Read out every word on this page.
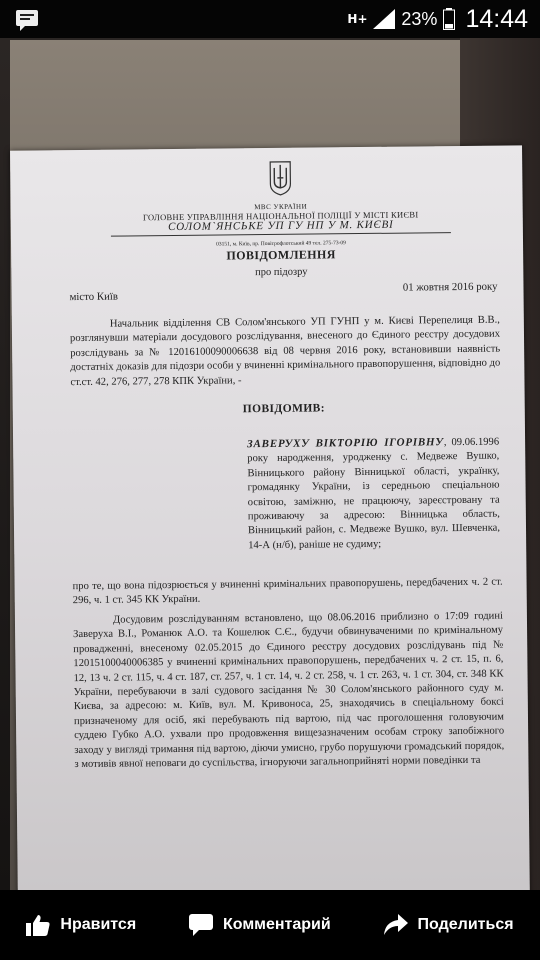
H+ 23% 14:44
МВС УКРАЇНИ
ГОЛОВНЕ УПРАВЛІННЯ НАЦІОНАЛЬНОЇ ПОЛІЦІЇ У МІСТІ КИЄВІ
СОЛОМ`ЯНСЬКЕ УП ГУ НП У М. КИЄВІ
03151, м. Київ, пр. Повітрофлотський 49 тел. 275-73-09
ПОВІДОМЛЕННЯ
про підозру
місто Київ
01 жовтня 2016 року
Начальник відділення СВ Солом'янського УП ГУНП у м. Києві Перепелиця В.В., розглянувши матеріали досудового розслідування, внесеного до Єдиного реєстру досудових розслідувань за № 12016100090006638 від 08 червня 2016 року, встановивши наявність достатніх доказів для підозри особи у вчиненні кримінального правопорушення, відповідно до ст.ст. 42, 276, 277, 278 КПК України, -
ПОВІДОМИВ:
ЗАВЕРУХУ ВІКТОРІЮ ІГОРІВНУ, 09.06.1996 року народження, уродженку с. Медвеже Вушко, Вінницького району Вінницької області, українку, громадянку України, із середньою спеціальною освітою, заміжню, не працюючу, зареєстровану та проживаючу за адресою: Вінницька область, Вінницький район, с. Медвеже Вушко, вул. Шевченка, 14-А (н/б), раніше не судиму;
про те, що вона підозрюється у вчиненні кримінальних правопорушень, передбачених ч. 2 ст. 296, ч. 1 ст. 345 КК України.
Досудовим розслідуванням встановлено, що 08.06.2016 приблизно о 17:09 годині Заверуха В.І., Романюк А.О. та Кошелюк С.Є., будучи обвинуваченими по кримінальному провадженні, внесеному 02.05.2015 до Єдиного реєстру досудових розслідувань під № 12015100040006385 у вчиненні кримінальних правопорушень, передбачених ч. 2 ст. 15, п. 6, 12, 13 ч. 2 ст. 115, ч. 4 ст. 187, ст. 257, ч. 1 ст. 14, ч. 2 ст. 258, ч. 1 ст. 263, ч. 1 ст. 304, ст. 348 КК України, перебуваючи в залі судового засідання № 30 Солом'янського районного суду м. Києва, за адресою: м. Київ, вул. М. Кривоноса, 25, знаходячись в спеціальному боксі призначеному для осіб, які перебувають під вартою, під час проголошення головуючим суддею Губко А.О. ухвали про продовження вищезазначеним особам строку запобіжного заходу у вигляді тримання під вартою, діючи умисно, грубо порушуючи громадський порядок, з мотивів явної неповаги до суспільства, ігноруючи загальноприйняті норми поведінки та
Нравится	Комментарий	Поделиться
